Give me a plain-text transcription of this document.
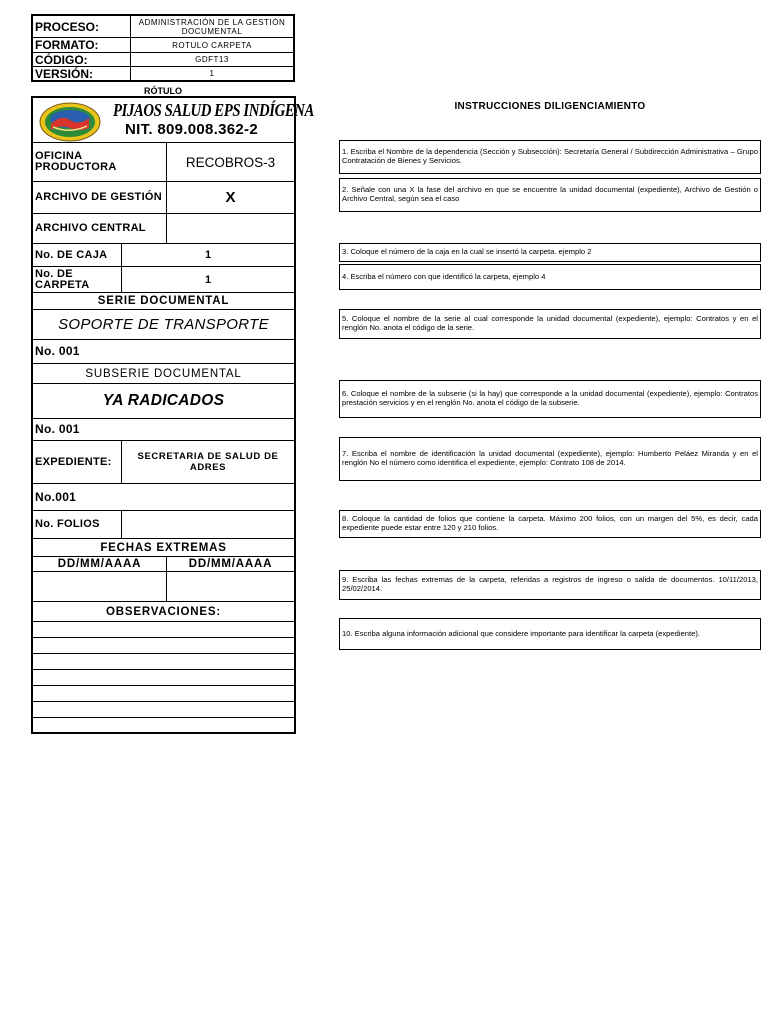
PROCESO:	ADMINISTRACIÓN DE LA GESTIÓN DOCUMENTAL
FORMATO:	ROTULO CARPETA
CÓDIGO:	GDFT13
VERSIÓN:	1
RÓTULO
PIJAOS SALUD EPS INDÍGENA
NIT. 809.008.362-2
OFICINA PRODUCTORA	RECOBROS-3
ARCHIVO DE GESTIÓN	X
ARCHIVO CENTRAL
No. DE CAJA	1
No. DE CARPETA	1
SERIE DOCUMENTAL
SOPORTE DE TRANSPORTE
No. 001
SUBSERIE DOCUMENTAL
YA RADICADOS
No. 001
EXPEDIENTE:	SECRETARIA DE SALUD DE ADRES
No.001
No. FOLIOS
FECHAS EXTREMAS
DD/MM/AAAA	DD/MM/AAAA
OBSERVACIONES:
INSTRUCCIONES DILIGENCIAMIENTO
1. Escriba el Nombre de la dependencia (Sección y Subsección): Secretaría General / Subdirección Administrativa – Grupo Contratación de Bienes y Servicios.
2. Señale con una X la fase del archivo en que se encuentre la unidad documental (expediente), Archivo de Gestión o Archivo Central, según sea el caso
3. Coloque el número de la caja en la cual se insertó la carpeta. ejemplo 2
4. Escriba el número con que identificó la carpeta, ejemplo 4
5. Coloque el nombre de la serie al cual corresponde la unidad documental (expediente), ejemplo: Contratos y en el renglón No. anota el código de la serie.
6. Coloque el nombre de la subserie (si la hay) que corresponde a la unidad documental (expediente), ejemplo: Contratos prestación servicios y en el renglón No. anota el código de la subserie.
7. Escriba el nombre de identificación la unidad documental (expediente), ejemplo: Humberto Peláez Miranda y en el renglón No el número como identifica el expediente, ejemplo: Contrato 108 de 2014.
8. Coloque la cantidad de folios que contiene la carpeta. Máximo 200 folios, con un margen del 5%, es decir, cada expediente puede estar entre 120 y 210 folios.
9. Escriba las fechas extremas de la carpeta, referidas a registros de ingreso o salida de documentos. 10/11/2013, 25/02/2014.
10. Escriba alguna información adicional que considere importante para identificar la carpeta (expediente).
